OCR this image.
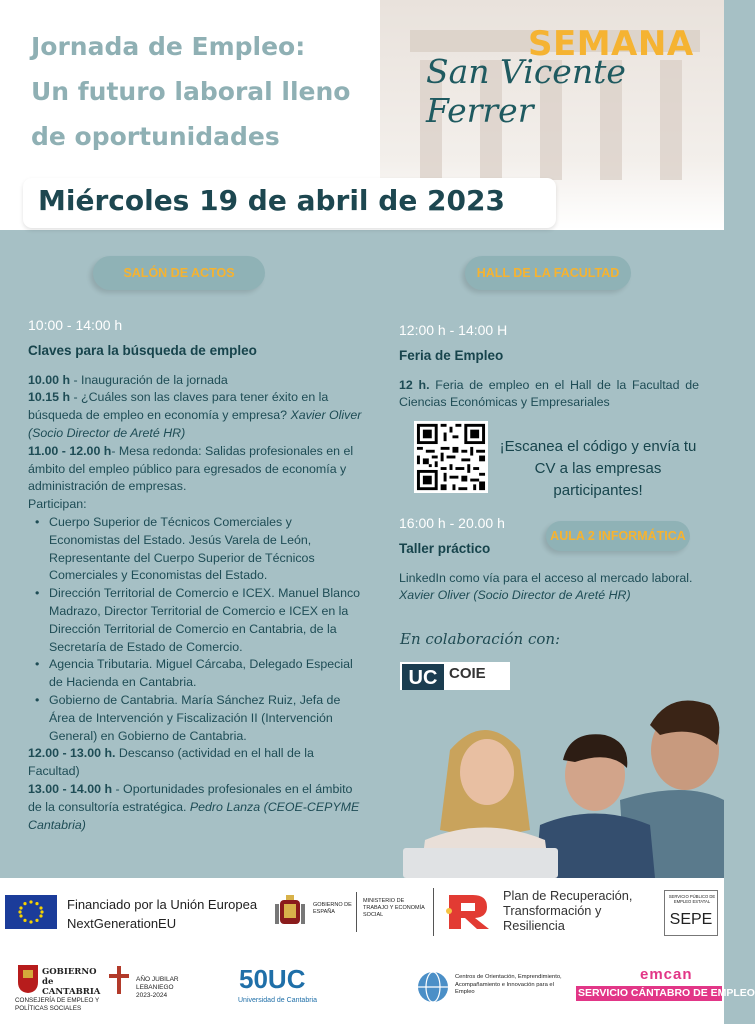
Jornada de Empleo:
Un futuro laboral lleno
de oportunidades
SEMANA
San Vicente Ferrer
Miércoles 19 de abril de 2023
SALÓN DE ACTOS	HALL DE LA FACULTAD
AULA 2 INFORMÁTICA
10:00 - 14:00 h
Claves para la búsqueda de empleo
10.00 h - Inauguración de la jornada
10.15 h - ¿Cuáles son las claves para tener éxito en la búsqueda de empleo en economía y empresa? Xavier Oliver (Socio Director de Areté HR)
11.00 - 12.00 h- Mesa redonda: Salidas profesionales en el ámbito del empleo público para egresados de economía y administración de empresas.
Participan:
• Cuerpo Superior de Técnicos Comerciales y Economistas del Estado. Jesús Varela de León, Representante del Cuerpo Superior de Técnicos Comerciales y Economistas del Estado.
• Dirección Territorial de Comercio e ICEX. Manuel Blanco Madrazo, Director Territorial de Comercio e ICEX en la Dirección Territorial de Comercio en Cantabria, de la Secretaría de Estado de Comercio.
• Agencia Tributaria. Miguel Cárcaba, Delegado Especial de Hacienda en Cantabria.
• Gobierno de Cantabria. María Sánchez Ruiz, Jefa de Área de Intervención y Fiscalización II (Intervención General) en Gobierno de Cantabria.
12.00 - 13.00 h. Descanso (actividad en el hall de la Facultad)
13.00 - 14.00 h - Oportunidades profesionales en el ámbito de la consultoría estratégica. Pedro Lanza (CEOE-CEPYME Cantabria)
12:00 h - 14:00 H
Feria de Empleo
12 h. Feria de empleo en el Hall de la Facultad de Ciencias Económicas y Empresariales
¡Escanea el código y envía tu CV a las empresas participantes!
16:00 h - 20.00 h
Taller práctico
LinkedIn como vía para el acceso al mercado laboral.
Xavier Oliver (Socio Director de Areté HR)
En colaboración con:
UC COIE
Financiado por la Unión Europea
NextGenerationEU
GOBIERNO DE ESPAÑA
MINISTERIO DE TRABAJO Y ECONOMÍA SOCIAL
Plan de Recuperación, Transformación y Resiliencia
SERVICIO PÚBLICO DE EMPLEO ESTATAL
SEPE
GOBIERNO de CANTABRIA
CONSEJERÍA DE EMPLEO Y POLÍTICAS SOCIALES
AÑO JUBILAR LEBANIEGO 2023-2024
50UC
Universidad de Cantabria
Centros de Orientación, Emprendimiento, Acompañamiento e Innovación para el Empleo
emcan
SERVICIO CÁNTABRO DE EMPLEO
